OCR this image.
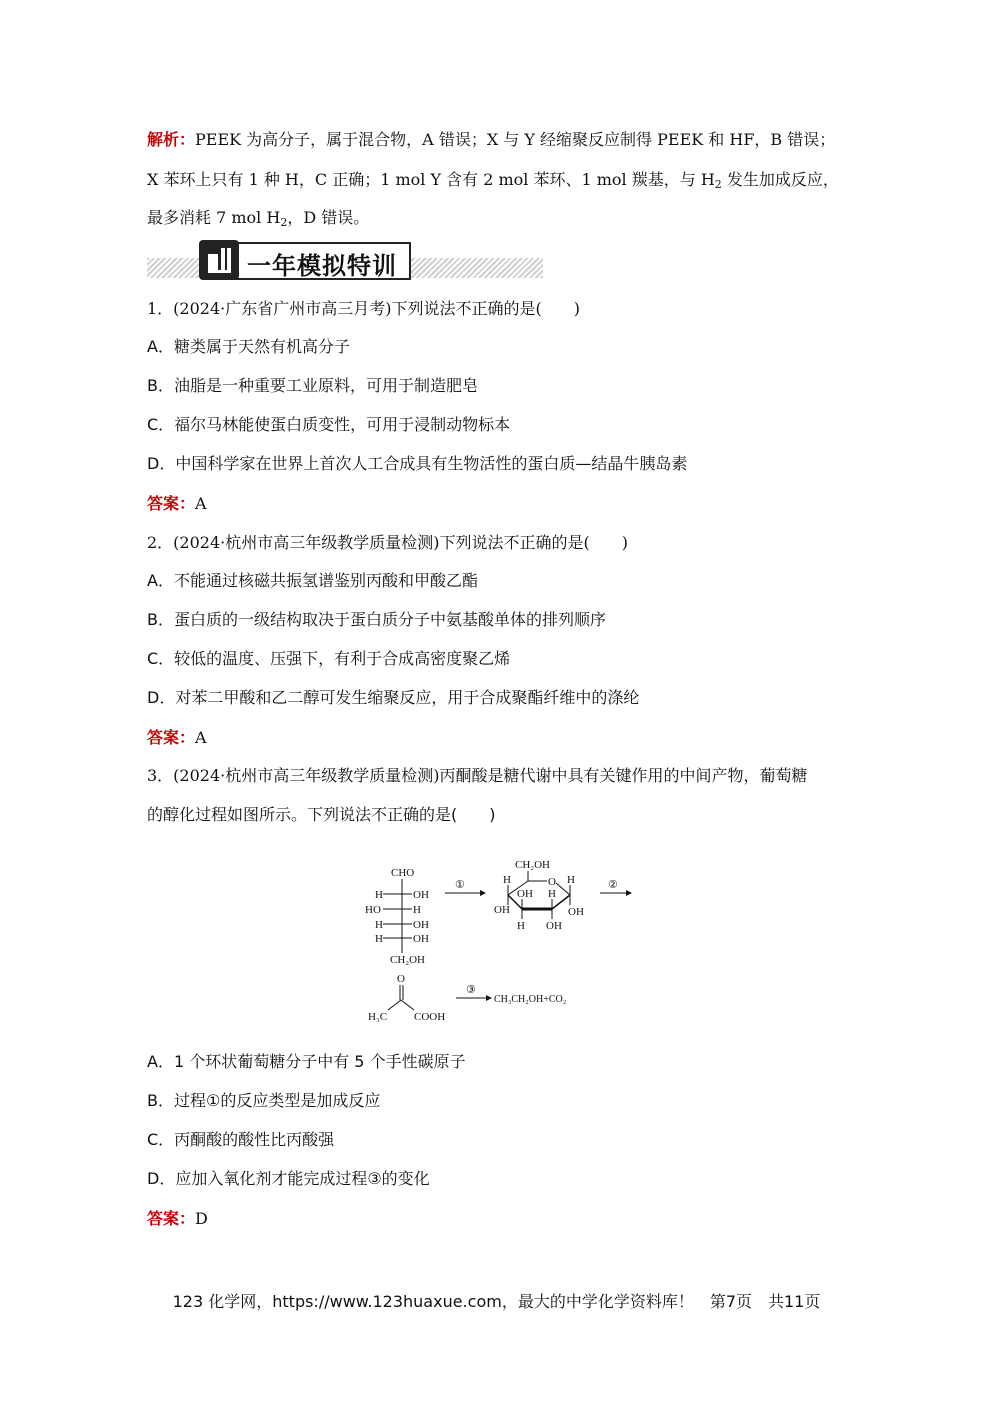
解析：PEEK 为高分子，属于混合物，A 错误；X 与 Y 经缩聚反应制得 PEEK 和 HF，B 错误；
X 苯环上只有 1 种 H，C 正确；1 mol Y 含有 2 mol 苯环、1 mol 羰基，与 $H_2$ 发生加成反应，
最多消耗 7 mol $H_2$，D 错误。
一年模拟特训
1．(2024·广东省广州市高三月考)下列说法不正确的是(　　)
A．糖类属于天然有机高分子
B．油脂是一种重要工业原料，可用于制造肥皂
C．福尔马林能使蛋白质变性，可用于浸制动物标本
D．中国科学家在世界上首次人工合成具有生物活性的蛋白质—结晶牛胰岛素
答案：A
2．(2024·杭州市高三年级教学质量检测)下列说法不正确的是(　　)
A．不能通过核磁共振氢谱鉴别丙酸和甲酸乙酯
B．蛋白质的一级结构取决于蛋白质分子中氨基酸单体的排列顺序
C．较低的温度、压强下，有利于合成高密度聚乙烯
D．对苯二甲酸和乙二醇可发生缩聚反应，用于合成聚酯纤维中的涤纶
答案：A
3．(2024·杭州市高三年级教学质量检测)丙酮酸是糖代谢中具有关键作用的中间产物，葡萄糖
的醇化过程如图所示。下列说法不正确的是(　　)
CHO
H	OH
HO	H
H	OH
H	OH
CH₂OH
①
CH₂OH
O
H
OH
OH
H
H
OH
H
OH
②
O
H₃C COOH
③
CH₃CH₂OH+CO₂
A．1 个环状葡萄糖分子中有 5 个手性碳原子
B．过程①的反应类型是加成反应
C．丙酮酸的酸性比丙酸强
D．应加入氧化剂才能完成过程③的变化
答案：D
123 化学网，https://www.123huaxue.com，最大的中学化学资料库！　第7页　共11页
